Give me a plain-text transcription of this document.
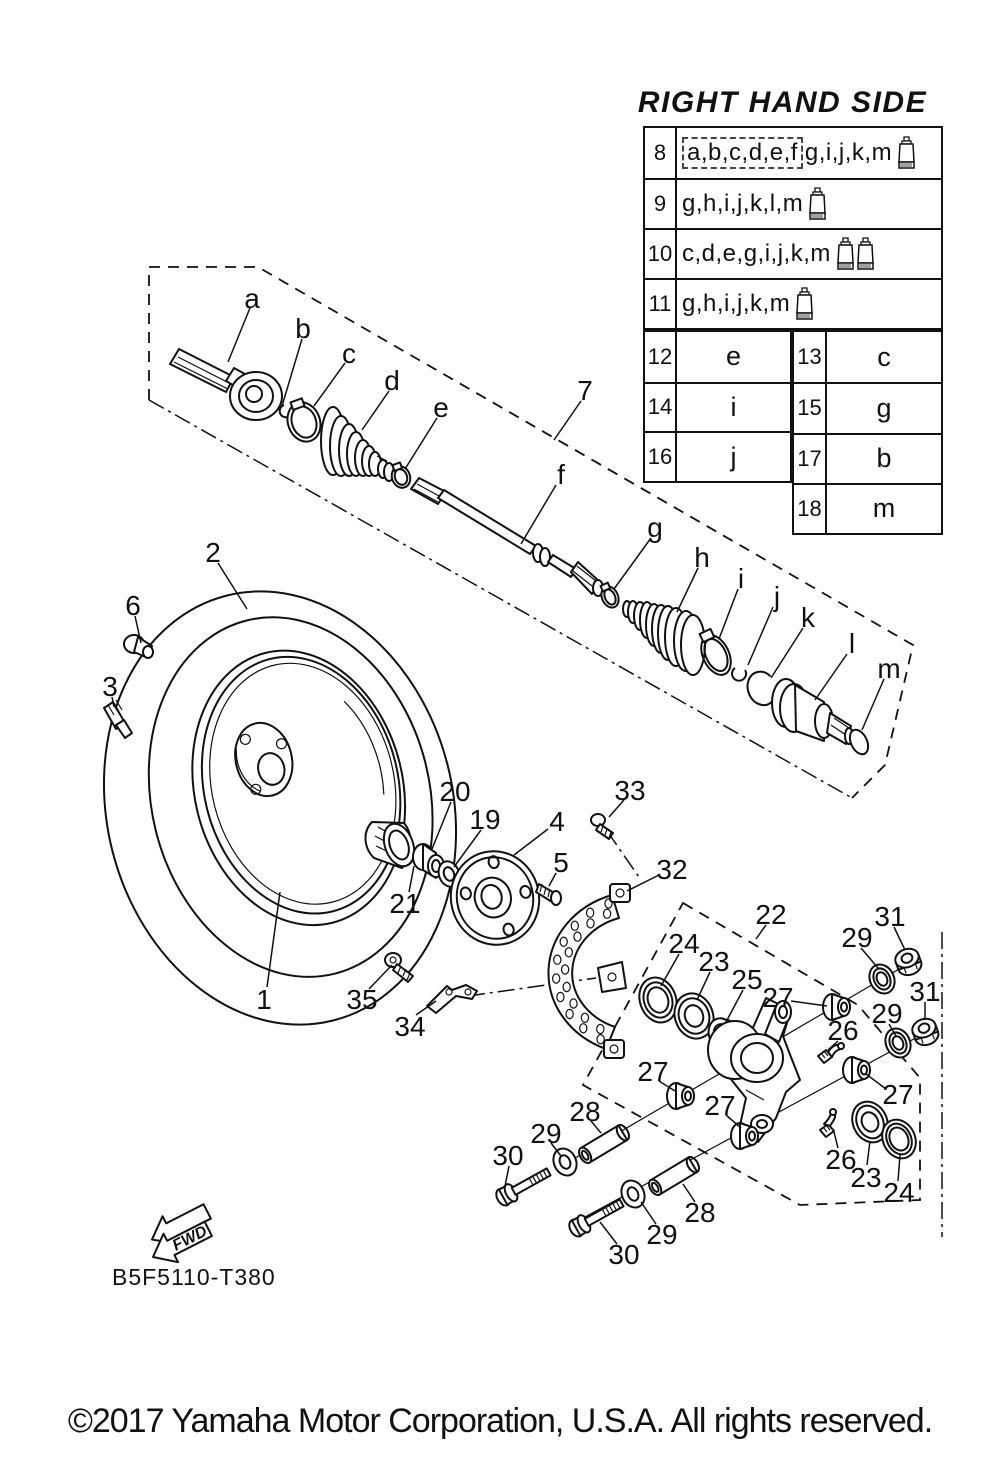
FWD
a
b
c
d
e
f
g
h
i
j
k
l
m
7
2
6
3
1
21
20
19 4
5
33
32
35
34
22
24
23
25
27
29
31
31
29
26
27
26
23 24
27
27
28
29
30
28
29
30
RIGHT HAND SIDE
8 a,b,c,d,e,f g,i,j,k,m
9 g,h,i,j,k,l,m
10 c,d,e,g,i,j,k,m
11 g,h,i,j,k,m
12	e
14	i
16	j
13	c
15	g
17	b
18	m
B5F5110-T380
©2017 Yamaha Motor Corporation, U.S.A. All rights reserved.
